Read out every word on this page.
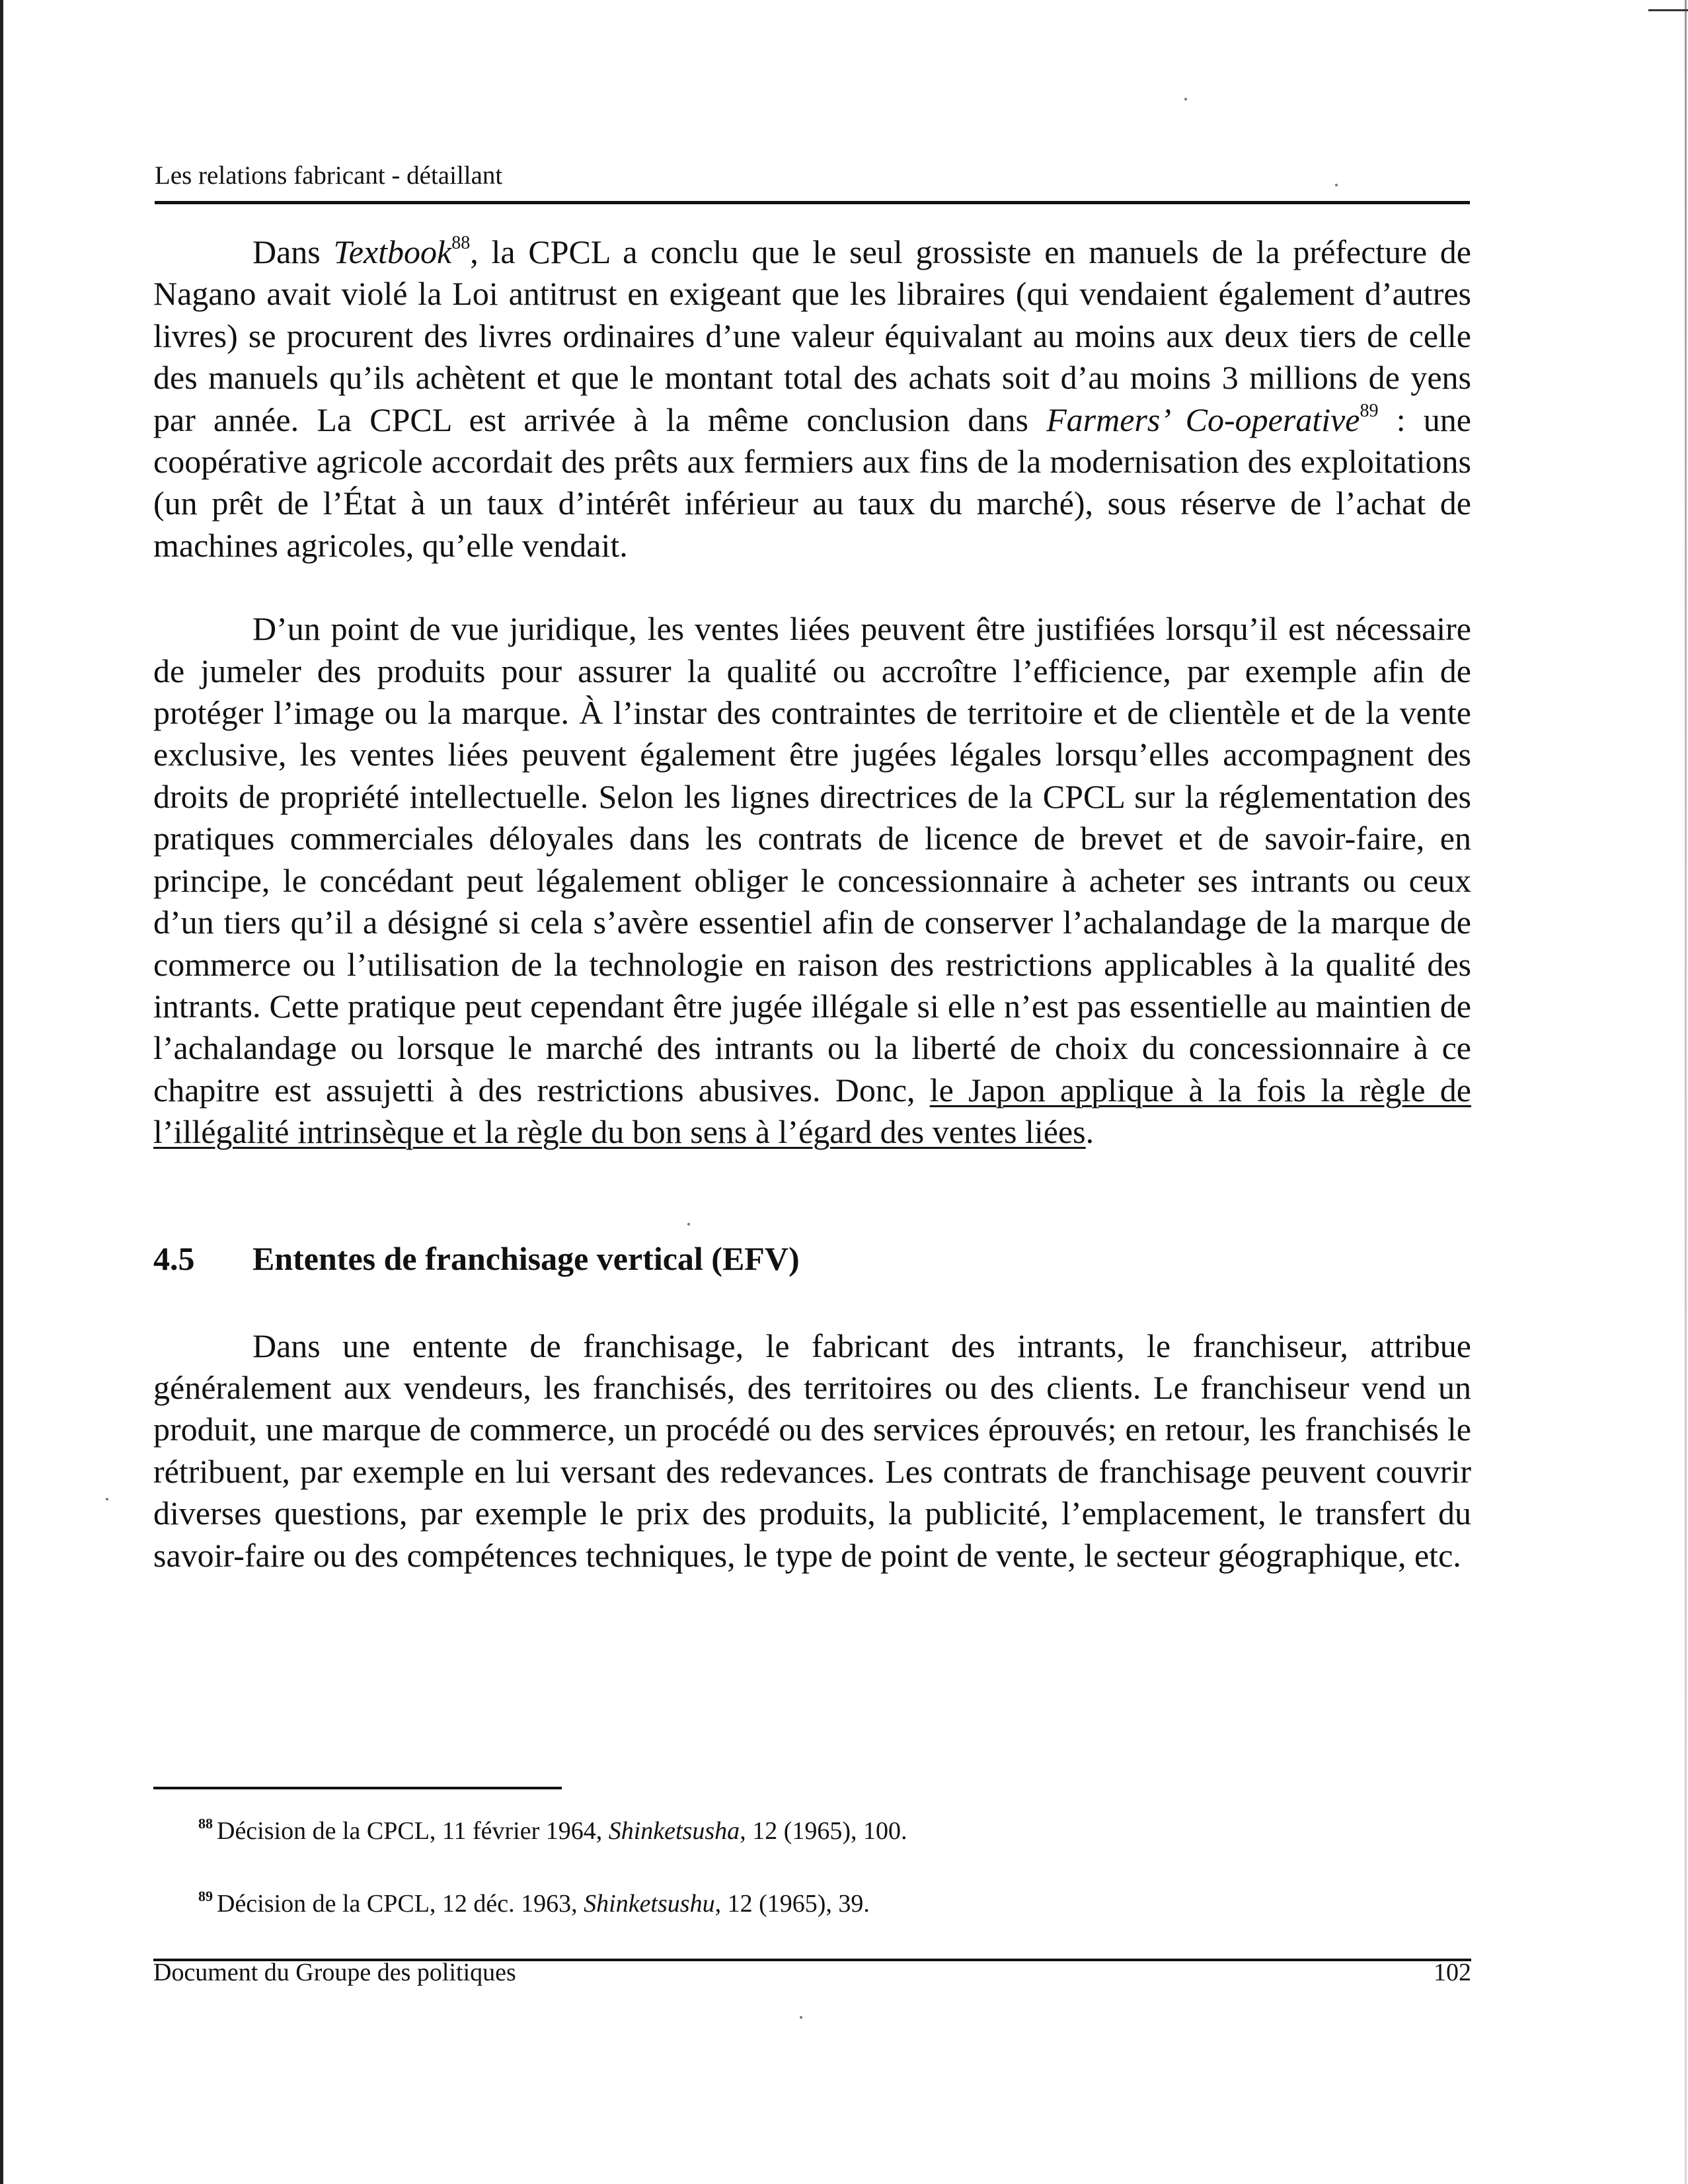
Les relations fabricant - détaillant

Dans Textbook$^{88}$, la CPCL a conclu que le seul grossiste en manuels de la préfecture de Nagano avait violé la Loi antitrust en exigeant que les libraires (qui vendaient également d’autres livres) se procurent des livres ordinaires d’une valeur équivalant au moins aux deux tiers de celle des manuels qu’ils achètent et que le montant total des achats soit d’au moins 3 millions de yens par année. La CPCL est arrivée à la même conclusion dans Farmers’ Co-operative$^{89}$ : une coopérative agricole accordait des prêts aux fermiers aux fins de la modernisation des exploitations (un prêt de l’État à un taux d’intérêt inférieur au taux du marché), sous réserve de l’achat de machines agricoles, qu’elle vendait.

D’un point de vue juridique, les ventes liées peuvent être justifiées lorsqu’il est nécessaire de jumeler des produits pour assurer la qualité ou accroître l’efficience, par exemple afin de protéger l’image ou la marque. À l’instar des contraintes de territoire et de clientèle et de la vente exclusive, les ventes liées peuvent également être jugées légales lorsqu’elles accompagnent des droits de propriété intellectuelle. Selon les lignes directrices de la CPCL sur la réglementation des pratiques commerciales déloyales dans les contrats de licence de brevet et de savoir-faire, en principe, le concédant peut légalement obliger le concessionnaire à acheter ses intrants ou ceux d’un tiers qu’il a désigné si cela s’avère essentiel afin de conserver l’achalandage de la marque de commerce ou l’utilisation de la technologie en raison des restrictions applicables à la qualité des intrants. Cette pratique peut cependant être jugée illégale si elle n’est pas essentielle au maintien de l’achalandage ou lorsque le marché des intrants ou la liberté de choix du concessionnaire à ce chapitre est assujetti à des restrictions abusives. Donc, le Japon applique à la fois la règle de l’illégalité intrinsèque et la règle du bon sens à l’égard des ventes liées.

4.5	Ententes de franchisage vertical (EFV)

Dans une entente de franchisage, le fabricant des intrants, le franchiseur, attribue généralement aux vendeurs, les franchisés, des territoires ou des clients. Le franchiseur vend un produit, une marque de commerce, un procédé ou des services éprouvés; en retour, les franchisés le rétribuent, par exemple en lui versant des redevances. Les contrats de franchisage peuvent couvrir diverses questions, par exemple le prix des produits, la publicité, l’emplacement, le transfert du savoir-faire ou des compétences techniques, le type de point de vente, le secteur géographique, etc.

$^{88}$ Décision de la CPCL, 11 février 1964, Shinketsusha, 12 (1965), 100.

$^{89}$ Décision de la CPCL, 12 déc. 1963, Shinketsushu, 12 (1965), 39.

Document du Groupe des politiques	102
